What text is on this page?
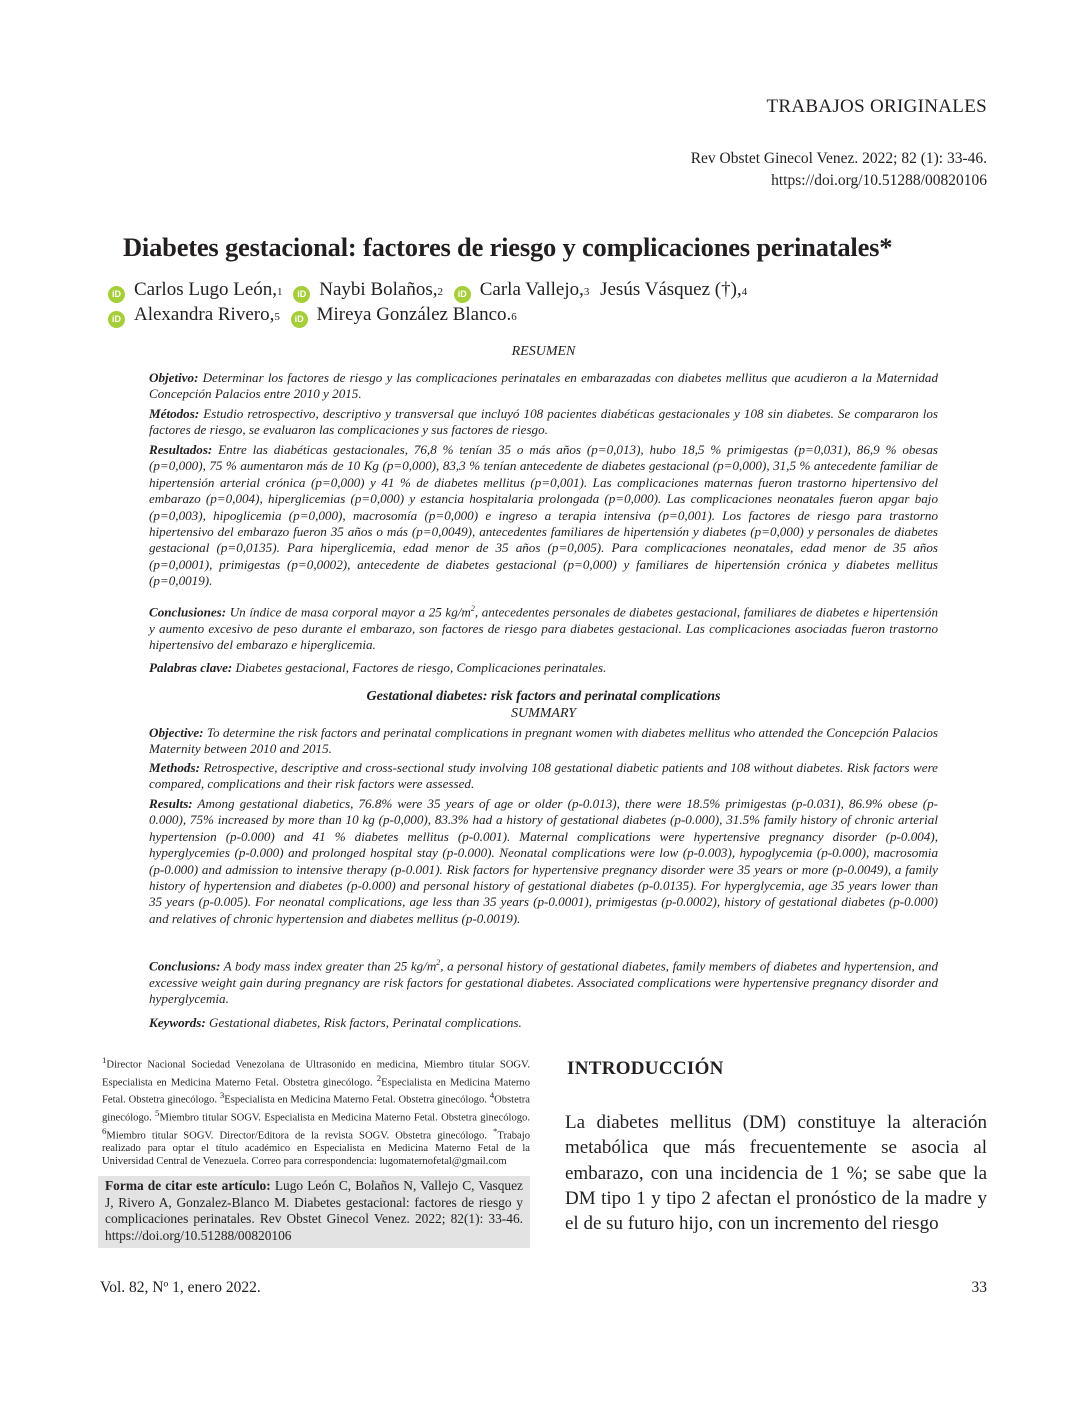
TRABAJOS ORIGINALES
Rev Obstet Ginecol Venez. 2022; 82 (1): 33-46.
https://doi.org/10.51288/00820106
Diabetes gestacional: factores de riesgo y complicaciones perinatales*
iD Carlos Lugo León, 1
	iD Naybi Bolaños, 2
	iD Carla Vallejo, 3
Jesús Vásquez (†), 4
iD Alexandra Rivero, 5
	iD Mireya González Blanco. 6

RESUMEN

Objetivo: Determinar los factores de riesgo y las complicaciones perinatales en embarazadas con diabetes mellitus que acudieron a la Maternidad Concepción Palacios entre 2010 y 2015.

Métodos: Estudio retrospectivo, descriptivo y transversal que incluyó 108 pacientes diabéticas gestacionales y 108 sin diabetes. Se compararon los factores de riesgo, se evaluaron las complicaciones y sus factores de riesgo.

Resultados: Entre las diabéticas gestacionales, 76,8 % tenían 35 o más años (p=0,013), hubo 18,5 % primigestas (p=0,031), 86,9 % obesas (p=0,000), 75 % aumentaron más de 10 Kg (p=0,000), 83,3 % tenían antecedente de diabetes gestacional (p=0,000), 31,5 % antecedente familiar de hipertensión arterial crónica (p=0,000) y 41 % de diabetes mellitus (p=0,001). Las complicaciones maternas fueron trastorno hipertensivo del embarazo (p=0,004), hiperglicemias (p=0,000) y estancia hospitalaria prolongada (p=0,000). Las complicaciones neonatales fueron apgar bajo (p=0,003), hipoglicemia (p=0,000), macrosomía (p=0,000) e ingreso a terapia intensiva (p=0,001). Los factores de riesgo para trastorno hipertensivo del embarazo fueron 35 años o más (p=0,0049), antecedentes familiares de hipertensión y diabetes (p=0,000) y personales de diabetes gestacional (p=0,0135). Para hiperglicemia, edad menor de 35 años (p=0,005). Para complicaciones neonatales, edad menor de 35 años (p=0,0001), primigestas (p=0,0002), antecedente de diabetes gestacional (p=0,000) y familiares de hipertensión crónica y diabetes mellitus (p=0,0019).

Conclusiones: Un índice de masa corporal mayor a 25 $kg/m^2$, antecedentes personales de diabetes gestacional, familiares de diabetes e hipertensión y aumento excesivo de peso durante el embarazo, son factores de riesgo para diabetes gestacional. Las complicaciones asociadas fueron trastorno hipertensivo del embarazo e hiperglicemia.

Palabras clave: Diabetes gestacional, Factores de riesgo, Complicaciones perinatales.

Gestational diabetes: risk factors and perinatal complications

SUMMARY

Objective: To determine the risk factors and perinatal complications in pregnant women with diabetes mellitus who attended the Concepción Palacios Maternity between 2010 and 2015.

Methods: Retrospective, descriptive and cross-sectional study involving 108 gestational diabetic patients and 108 without diabetes. Risk factors were compared, complications and their risk factors were assessed.

Results: Among gestational diabetics, 76.8% were 35 years of age or older (p-0.013), there were 18.5% primigestas (p-0.031), 86.9% obese (p-0.000), 75% increased by more than 10 kg (p-0,000), 83.3% had a history of gestational diabetes (p-0.000), 31.5% family history of chronic arterial hypertension (p-0.000) and 41 % diabetes mellitus (p-0.001). Maternal complications were hypertensive pregnancy disorder (p-0.004), hyperglycemies (p-0.000) and prolonged hospital stay (p-0.000). Neonatal complications were low (p-0.003), hypoglycemia (p-0.000), macrosomia (p-0.000) and admission to intensive therapy (p-0.001). Risk factors for hypertensive pregnancy disorder were 35 years or more (p-0.0049), a family history of hypertension and diabetes (p-0.000) and personal history of gestational diabetes (p-0.0135). For hyperglycemia, age 35 years lower than 35 years (p-0.005). For neonatal complications, age less than 35 years (p-0.0001), primigestas (p-0.0002), history of gestational diabetes (p-0.000) and relatives of chronic hypertension and diabetes mellitus (p-0.0019).

Conclusions: A body mass index greater than 25 $kg/m^2$, a personal history of gestational diabetes, family members of diabetes and hypertension, and excessive weight gain during pregnancy are risk factors for gestational diabetes. Associated complications were hypertensive pregnancy disorder and hyperglycemia.

Keywords: Gestational diabetes, Risk factors, Perinatal complications.

$^1$Director Nacional Sociedad Venezolana de Ultrasonido en medicina, Miembro titular SOGV. Especialista en Medicina Materno Fetal. Obstetra ginecólogo. $^2$Especialista en Medicina Materno Fetal. Obstetra ginecólogo. $^3$Especialista en Medicina Materno Fetal. Obstetra ginecólogo. $^4$Obstetra ginecólogo. $^5$Miembro titular SOGV. Especialista en Medicina Materno Fetal. Obstetra ginecólogo. $^6$Miembro titular SOGV. Director/Editora de la revista SOGV. Obstetra ginecólogo. *Trabajo realizado para optar el título académico en Especialista en Medicina Materno Fetal de la Universidad Central de Venezuela. Correo para correspondencia: lugomaternofetal@gmail.com

Forma de citar este artículo: Lugo León C, Bolaños N, Vallejo C, Vasquez J, Rivero A, Gonzalez-Blanco M. Diabetes gestacional: factores de riesgo y complicaciones perinatales. Rev Obstet Ginecol Venez. 2022; 82(1): 33-46. https://doi.org/10.51288/00820106
INTRODUCCIÓN

La diabetes mellitus (DM) constituye la alteración metabólica que más frecuentemente se asocia al embarazo, con una incidencia de 1 %; se sabe que la DM tipo 1 y tipo 2 afectan el pronóstico de la madre y el de su futuro hijo, con un incremento del riesgo

Vol. 82, Nº 1, enero 2022.	33
